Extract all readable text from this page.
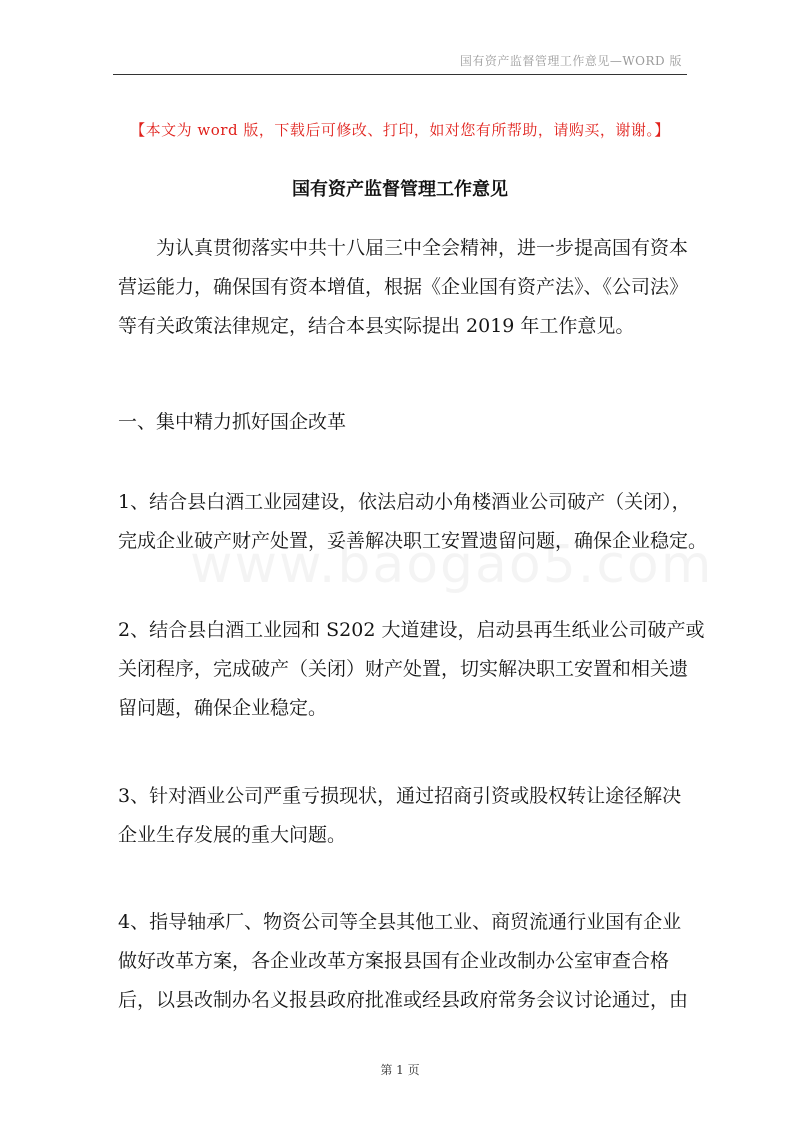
国有资产监督管理工作意见—WORD 版
【本文为 word 版，下载后可修改、打印，如对您有所帮助，请购买，谢谢。】
国有资产监督管理工作意见
为认真贯彻落实中共十八届三中全会精神，进一步提高国有资本
营运能力，确保国有资本增值，根据《企业国有资产法》、《公司法》
等有关政策法律规定，结合本县实际提出 2019 年工作意见。
一、集中精力抓好国企改革
1、结合县白酒工业园建设，依法启动小角楼酒业公司破产（关闭），
完成企业破产财产处置，妥善解决职工安置遗留问题，确保企业稳定。
2、结合县白酒工业园和 S202 大道建设，启动县再生纸业公司破产或
关闭程序，完成破产（关闭）财产处置，切实解决职工安置和相关遗
留问题，确保企业稳定。
3、针对酒业公司严重亏损现状，通过招商引资或股权转让途径解决
企业生存发展的重大问题。
4、指导轴承厂、物资公司等全县其他工业、商贸流通行业国有企业
做好改革方案，各企业改革方案报县国有企业改制办公室审查合格
后，以县改制办名义报县政府批准或经县政府常务会议讨论通过，由
第 1 页
